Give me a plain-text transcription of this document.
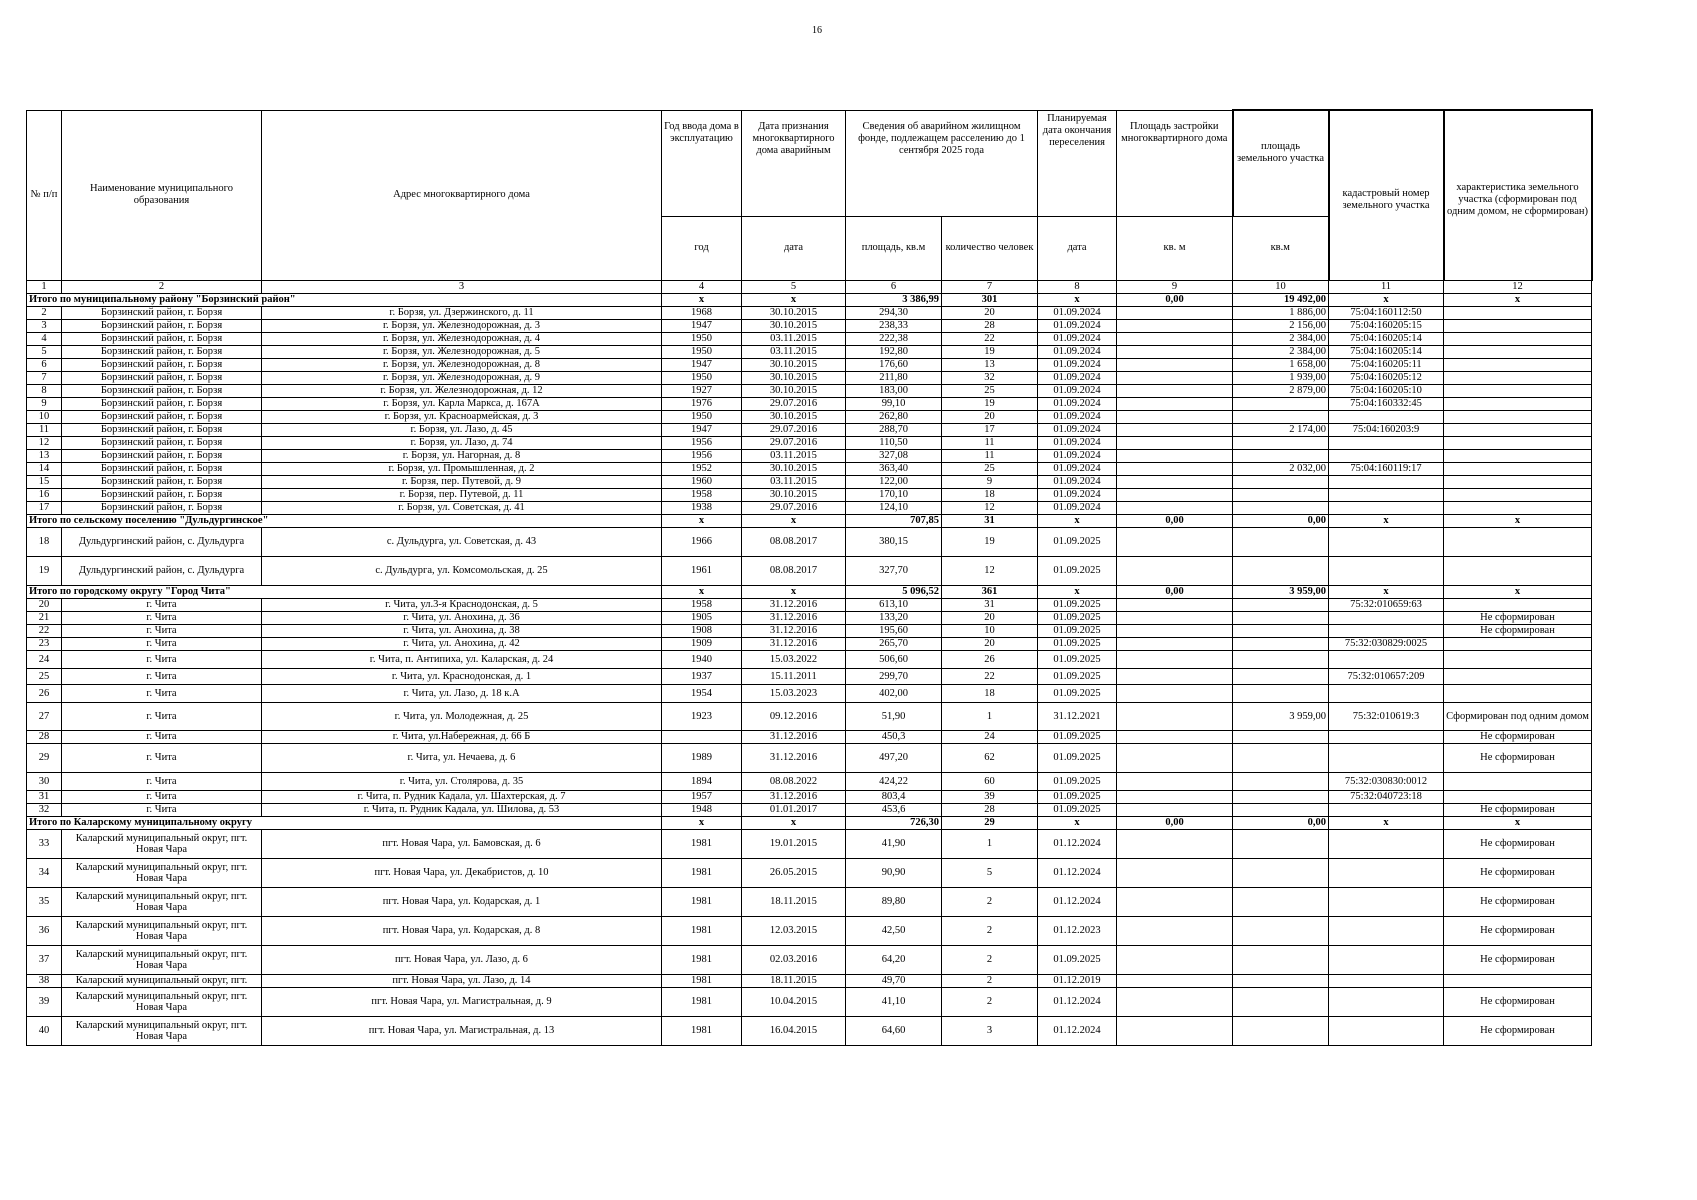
16
№ п/п	Наименование муниципального образования	Адрес многоквартирного дома	Год ввода дома в эксплуатацию	Дата признания многоквартирного дома аварийным	Сведения об аварийном жилищном фонде, подлежащем расселению до 1 сентября 2025 года		Планируемая дата окончания переселения	Площадь застройки многоквартирного дома	площадь земельного участка	кадастровый номер земельного участка	характеристика земельного участка (сформирован под одним домом, не сформирован)
			год	дата	площадь, кв.м	количество человек	дата	кв. м	кв.м		
1	2	3	4	5	6	7	8	9	10	11	12
Итого по муниципальному району "Борзинский район"			x	x	3 386,99	301	x	0,00	19 492,00	x	x
2	Борзинский район, г. Борзя	г. Борзя, ул. Дзержинского, д. 11	1968	30.10.2015	294,30	20	01.09.2024		1 886,00	75:04:160112:50	
3	Борзинский район, г. Борзя	г. Борзя, ул. Железнодорожная, д. 3	1947	30.10.2015	238,33	28	01.09.2024		2 156,00	75:04:160205:15	
4	Борзинский район, г. Борзя	г. Борзя, ул. Железнодорожная, д. 4	1950	03.11.2015	222,38	22	01.09.2024		2 384,00	75:04:160205:14	
5	Борзинский район, г. Борзя	г. Борзя, ул. Железнодорожная, д. 5	1950	03.11.2015	192,80	19	01.09.2024		2 384,00	75:04:160205:14	
6	Борзинский район, г. Борзя	г. Борзя, ул. Железнодорожная, д. 8	1947	30.10.2015	176,60	13	01.09.2024		1 658,00	75:04:160205:11	
7	Борзинский район, г. Борзя	г. Борзя, ул. Железнодорожная, д. 9	1950	30.10.2015	211,80	32	01.09.2024		1 939,00	75:04:160205:12	
8	Борзинский район, г. Борзя	г. Борзя, ул. Железнодорожная, д. 12	1927	30.10.2015	183,00	25	01.09.2024		2 879,00	75:04:160205:10	
9	Борзинский район, г. Борзя	г. Борзя, ул. Карла Маркса, д. 167А	1976	29.07.2016	99,10	19	01.09.2024			75:04:160332:45	
10	Борзинский район, г. Борзя	г. Борзя, ул. Красноармейская, д. 3	1950	30.10.2015	262,80	20	01.09.2024				
11	Борзинский район, г. Борзя	г. Борзя, ул. Лазо, д. 45	1947	29.07.2016	288,70	17	01.09.2024		2 174,00	75:04:160203:9	
12	Борзинский район, г. Борзя	г. Борзя, ул. Лазо, д. 74	1956	29.07.2016	110,50	11	01.09.2024				
13	Борзинский район, г. Борзя	г. Борзя, ул. Нагорная, д. 8	1956	03.11.2015	327,08	11	01.09.2024				
14	Борзинский район, г. Борзя	г. Борзя, ул. Промышленная, д. 2	1952	30.10.2015	363,40	25	01.09.2024		2 032,00	75:04:160119:17	
15	Борзинский район, г. Борзя	г. Борзя, пер. Путевой, д. 9	1960	03.11.2015	122,00	9	01.09.2024				
16	Борзинский район, г. Борзя	г. Борзя, пер. Путевой, д. 11	1958	30.10.2015	170,10	18	01.09.2024				
17	Борзинский район, г. Борзя	г. Борзя, ул. Советская, д. 41	1938	29.07.2016	124,10	12	01.09.2024				
Итого по сельскому поселению "Дульдургинское"			x	x	707,85	31	x	0,00	0,00	x	x
18	Дульдургинский район, с. Дульдурга	с. Дульдурга, ул. Советская, д. 43	1966	08.08.2017	380,15	19	01.09.2025				
19	Дульдургинский район, с. Дульдурга	с. Дульдурга, ул. Комсомольская, д. 25	1961	08.08.2017	327,70	12	01.09.2025				
Итого по городскому округу "Город Чита"			x	x	5 096,52	361	x	0,00	3 959,00	x	x
20	г. Чита	г. Чита, ул.3-я Краснодонская, д. 5	1958	31.12.2016	613,10	31	01.09.2025			75:32:010659:63	
21	г. Чита	г. Чита, ул. Анохина, д. 36	1905	31.12.2016	133,20	20	01.09.2025				Не сформирован
22	г. Чита	г. Чита, ул. Анохина, д. 38	1908	31.12.2016	195,60	10	01.09.2025				Не сформирован
23	г. Чита	г. Чита, ул. Анохина, д. 42	1909	31.12.2016	265,70	20	01.09.2025			75:32:030829:0025	
24	г. Чита	г. Чита, п. Антипиха, ул. Каларская, д. 24	1940	15.03.2022	506,60	26	01.09.2025				
25	г. Чита	г. Чита, ул. Краснодонская, д. 1	1937	15.11.2011	299,70	22	01.09.2025			75:32:010657:209	
26	г. Чита	г. Чита, ул. Лазо, д. 18 к.А	1954	15.03.2023	402,00	18	01.09.2025				
27	г. Чита	г. Чита, ул. Молодежная, д. 25	1923	09.12.2016	51,90	1	31.12.2021		3 959,00	75:32:010619:3	Сформирован под одним домом
28	г. Чита	г. Чита, ул.Набережная, д. 66 Б		31.12.2016	450,3	24	01.09.2025				Не сформирован
29	г. Чита	г. Чита, ул. Нечаева, д. 6	1989	31.12.2016	497,20	62	01.09.2025				Не сформирован
30	г. Чита	г. Чита, ул. Столярова, д. 35	1894	08.08.2022	424,22	60	01.09.2025			75:32:030830:0012	
31	г. Чита	г. Чита, п. Рудник Кадала, ул. Шахтерская, д. 7	1957	31.12.2016	803,4	39	01.09.2025			75:32:040723:18	
32	г. Чита	г. Чита, п. Рудник Кадала, ул. Шилова, д. 53	1948	01.01.2017	453,6	28	01.09.2025				Не сформирован
Итого по Каларскому муниципальному округу			x	x	726,30	29	x	0,00	0,00	x	x
33	Каларский муниципальный округ, пгт. Новая Чара	пгт. Новая Чара, ул. Бамовская, д. 6	1981	19.01.2015	41,90	1	01.12.2024				Не сформирован
34	Каларский муниципальный округ, пгт. Новая Чара	пгт. Новая Чара, ул. Декабристов, д. 10	1981	26.05.2015	90,90	5	01.12.2024				Не сформирован
35	Каларский муниципальный округ, пгт. Новая Чара	пгт. Новая Чара, ул. Кодарская, д. 1	1981	18.11.2015	89,80	2	01.12.2024				Не сформирован
36	Каларский муниципальный округ, пгт. Новая Чара	пгт. Новая Чара, ул. Кодарская, д. 8	1981	12.03.2015	42,50	2	01.12.2023				Не сформирован
37	Каларский муниципальный округ, пгт. Новая Чара	пгт. Новая Чара, ул. Лазо, д. 6	1981	02.03.2016	64,20	2	01.09.2025				Не сформирован
38	Каларский муниципальный округ, пгт.	пгт. Новая Чара, ул. Лазо, д. 14	1981	18.11.2015	49,70	2	01.12.2019				
39	Каларский муниципальный округ, пгт. Новая Чара	пгт. Новая Чара, ул. Магистральная, д. 9	1981	10.04.2015	41,10	2	01.12.2024				Не сформирован
40	Каларский муниципальный округ, пгт. Новая Чара	пгт. Новая Чара, ул. Магистральная, д. 13	1981	16.04.2015	64,60	3	01.12.2024				Не сформирован
